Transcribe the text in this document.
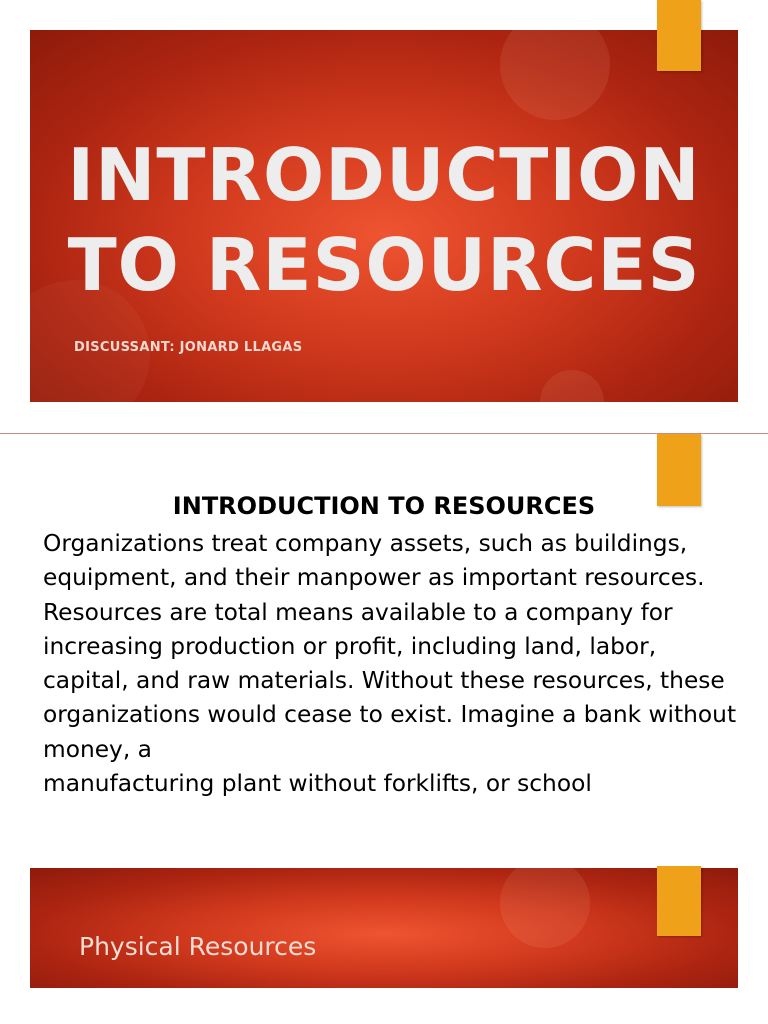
INTRODUCTION
TO RESOURCES
DISCUSSANT: JONARD LLAGAS
INTRODUCTION TO RESOURCES

Organizations treat company assets, such as buildings, equipment, and their manpower as important resources.

Resources are total means available to a company for increasing production or profit, including land, labor, capital, and raw materials. Without these resources, these organizations would cease to exist. Imagine a bank without money, a

manufacturing plant without forklifts, or school

Physical Resources
